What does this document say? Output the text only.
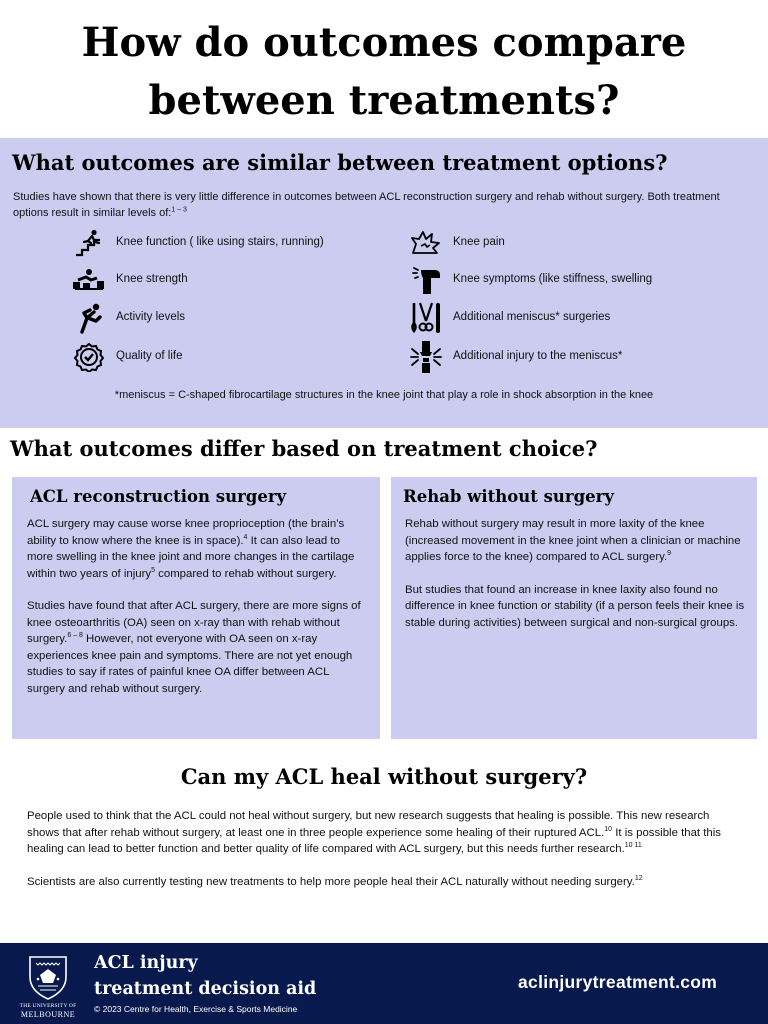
How do outcomes compare
between treatments?
What outcomes are similar between treatment options?

Studies have shown that there is very little difference in outcomes between ACL reconstruction surgery and rehab without surgery. Both treatment options result in similar levels of:$^{1 - 3}$

Knee function ( like using stairs, running)
Knee strength
Activity levels
Quality of life
Knee pain
Knee symptoms (like stiffness, swelling
Additional meniscus* surgeries
Additional injury to the meniscus*

*meniscus = C-shaped fibrocartilage structures in the knee joint that play a role in shock absorption in the knee

What outcomes differ based on treatment choice?
ACL reconstruction surgery

ACL surgery may cause worse knee proprioception (the brain’s ability to know where the knee is in space).$^4$ It can also lead to more swelling in the knee joint and more changes in the cartilage within two years of injury$^5$ compared to rehab without surgery.

Studies have found that after ACL surgery, there are more signs of knee osteoarthritis (OA) seen on x-ray than with rehab without surgery.$^{6 - 8}$ However, not everyone with OA seen on x-ray experiences knee pain and symptoms. There are not yet enough studies to say if rates of painful knee OA differ between ACL surgery and rehab without surgery.

Rehab without surgery

Rehab without surgery may result in more laxity of the knee (increased movement in the knee joint when a clinician or machine applies force to the knee) compared to ACL surgery.$^9$

But studies that found an increase in knee laxity also found no difference in knee function or stability (if a person feels their knee is stable during activities) between surgical and non-surgical groups.

Can my ACL heal without surgery?

People used to think that the ACL could not heal without surgery, but new research suggests that healing is possible. This new research shows that after rehab without surgery, at least one in three people experience some healing of their ruptured ACL.$^{10}$ It is possible that this healing can lead to better function and better quality of life compared with ACL surgery, but this needs further research.$^{10 11}$

Scientists are also currently testing new treatments to help more people heal their ACL naturally without needing surgery.$^{12}$

THE UNIVERSITY OF
MELBOURNE
ACL injury
treatment decision aid
© 2023 Centre for Health, Exercise & Sports Medicine
aclinjurytreatment.com
